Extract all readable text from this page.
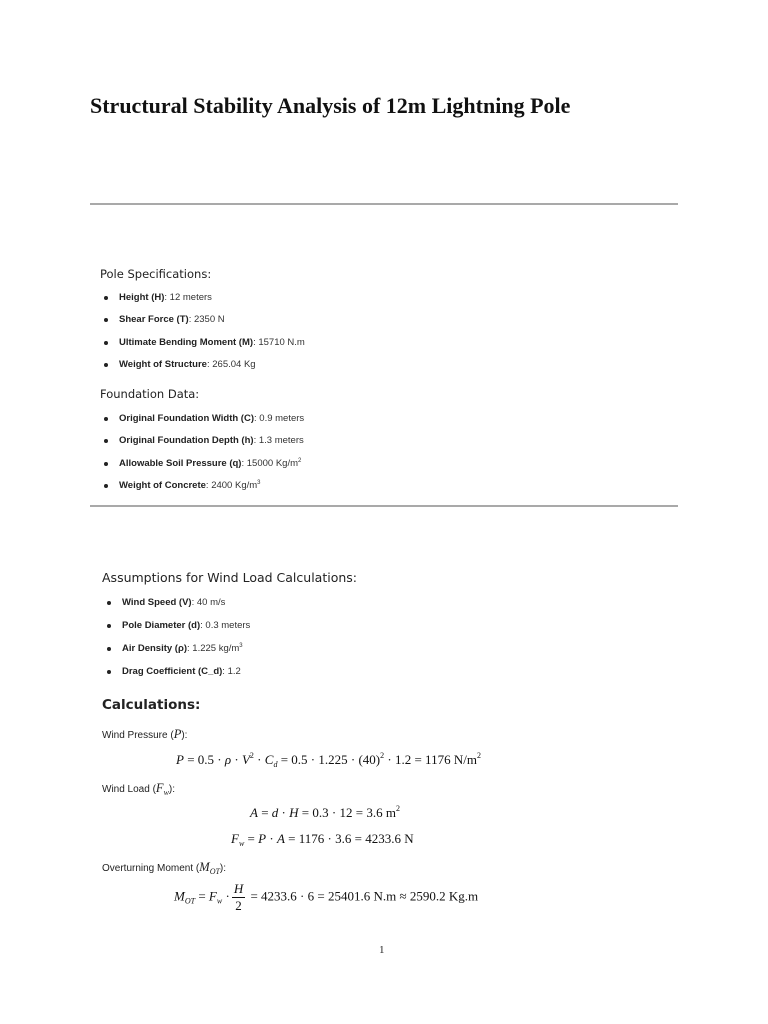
Structural Stability Analysis of 12m Lightning Pole
Pole Specifications:
Height (H): 12 meters
Shear Force (T): 2350 N
Ultimate Bending Moment (M): 15710 N.m
Weight of Structure: 265.04 Kg
Foundation Data:
Original Foundation Width (C): 0.9 meters
Original Foundation Depth (h): 1.3 meters
Allowable Soil Pressure (q): 15000 $Kg/m^2$
Weight of Concrete: 2400 $Kg/m^3$
Assumptions for Wind Load Calculations:
Wind Speed (V): 40 m/s
Pole Diameter (d): 0.3 meters
Air Density (ρ): 1.225 $kg/m^3$
Drag Coefficient (C_d): 1.2
Calculations:

Wind Pressure (P):

$P = 0.5 \cdot \rho \cdot V^2 \cdot C_d = 0.5 \cdot 1.225 \cdot (40)^2 \cdot 1.2 = 1176$ $N/m^2$

Wind Load $(F_w)$:

A = d · H = 0.3 · 12 = 3.6 $m^2$

$F_w = P \cdot A = 1176 \cdot 3.6 = 4233.6$ N

Overturning Moment $(M_{OT})$:

$M_{OT} = F_w \cdot \frac{H}{2} = 4233.6 \cdot 6 = 25401.6$ N.m ≈ 2590.2 Kg.m

1
